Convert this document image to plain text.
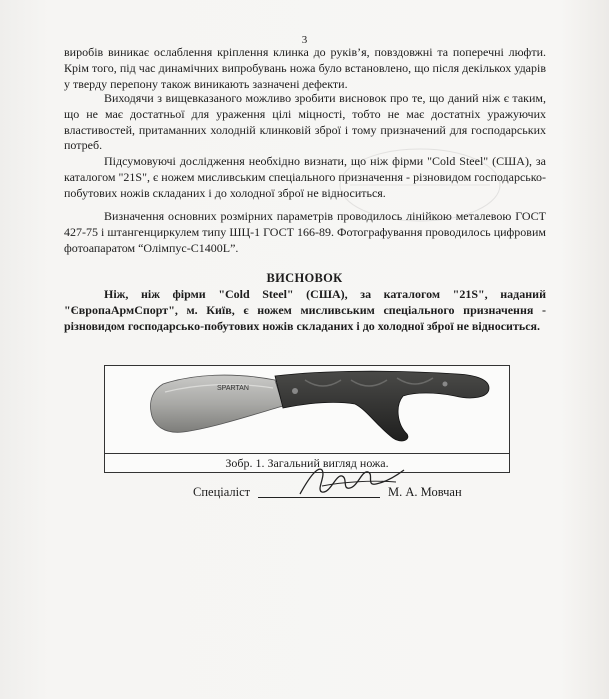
3
виробів виникає ослаблення кріплення клинка до руків’я, повздовжні та поперечні люфти. Крім того, під час динамічних випробувань ножа було встановлено, що після декількох ударів у тверду перепону також виникають зазначені дефекти.
Виходячи з вищевказаного можливо зробити висновок про те, що даний ніж є таким, що не має достатньої для ураження цілі міцності, тобто не має достатніх уражуючих властивостей, притаманних холодній клинковій зброї і тому призначений для господарських потреб.
Підсумовуючі дослідження необхідно визнати, що ніж фірми "Cold Steel" (США), за каталогом "21S", є ножем мисливським спеціального призначення - різновидом господарсько-побутових ножів складаних і до холодної зброї не відноситься.
Визначення основних розмірних параметрів проводилось лінійкою металевою ГОСТ 427-75 і штангенциркулем типу ШЦ-1 ГОСТ 166-89. Фотографування проводилось цифровим фотоапаратом “Олімпус-С1400L”.
ВИСНОВОК
Ніж, ніж фірми "Cold Steel" (США), за каталогом "21S", наданий "ЄвропаАрмСпорт", м. Київ, є ножем мисливським спеціального призначення - різновидом господарсько-побутових ножів складаних і до холодної зброї не відноситься.
SPARTAN
Зобр. 1. Загальний вигляд ножа.
Спеціаліст	М. А. Мовчан
